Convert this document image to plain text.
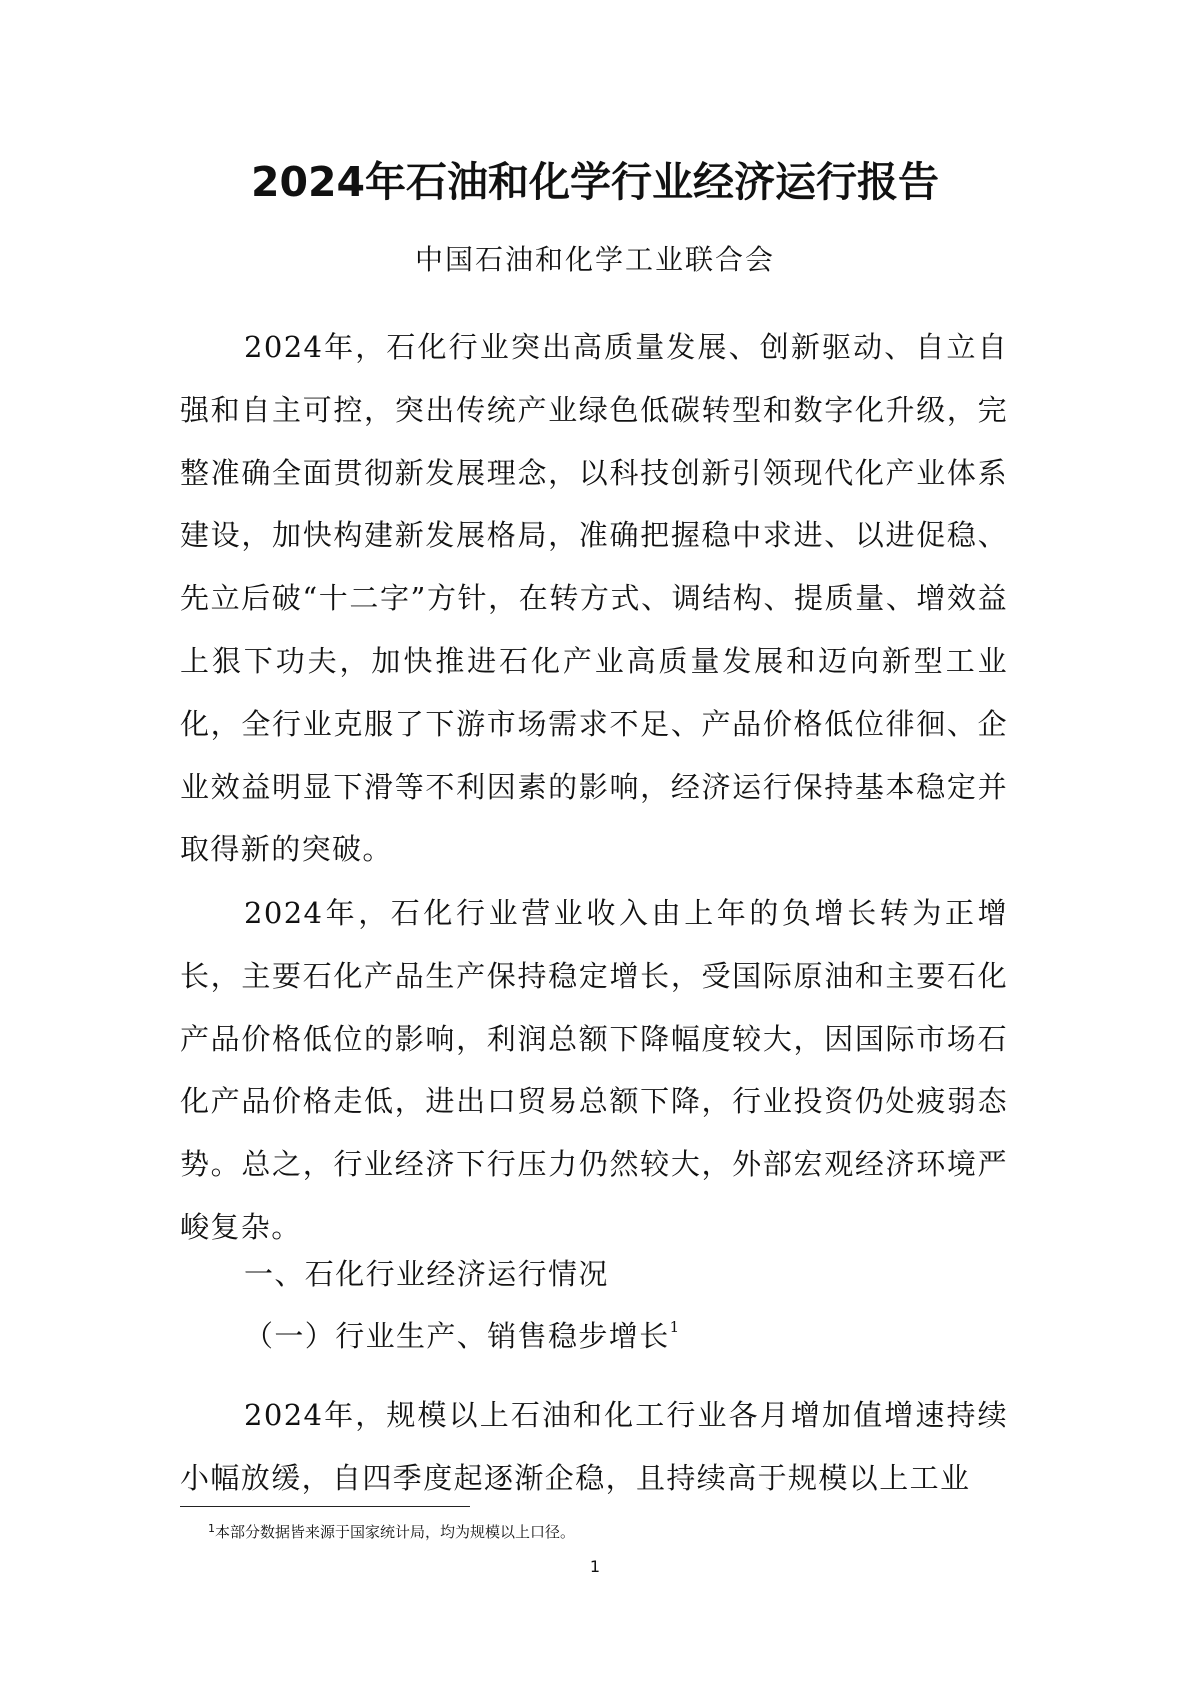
2024年石油和化学行业经济运行报告

中国石油和化学工业联合会

2024年，石化行业突出高质量发展、创新驱动、自立自强和自主可控，突出传统产业绿色低碳转型和数字化升级，完整准确全面贯彻新发展理念，以科技创新引领现代化产业体系建设，加快构建新发展格局，准确把握稳中求进、以进促稳、先立后破“十二字”方针，在转方式、调结构、提质量、增效益上狠下功夫，加快推进石化产业高质量发展和迈向新型工业化，全行业克服了下游市场需求不足、产品价格低位徘徊、企业效益明显下滑等不利因素的影响，经济运行保持基本稳定并取得新的突破。

2024年，石化行业营业收入由上年的负增长转为正增长，主要石化产品生产保持稳定增长，受国际原油和主要石化产品价格低位的影响，利润总额下降幅度较大，因国际市场石化产品价格走低，进出口贸易总额下降，行业投资仍处疲弱态势。总之，行业经济下行压力仍然较大，外部宏观经济环境严峻复杂。

一、石化行业经济运行情况
（一）行业生产、销售稳步增长$^1$

2024年，规模以上石油和化工行业各月增加值增速持续小幅放缓，自四季度起逐渐企稳，且持续高于规模以上工业

$^1$本部分数据皆来源于国家统计局，均为规模以上口径。

1
